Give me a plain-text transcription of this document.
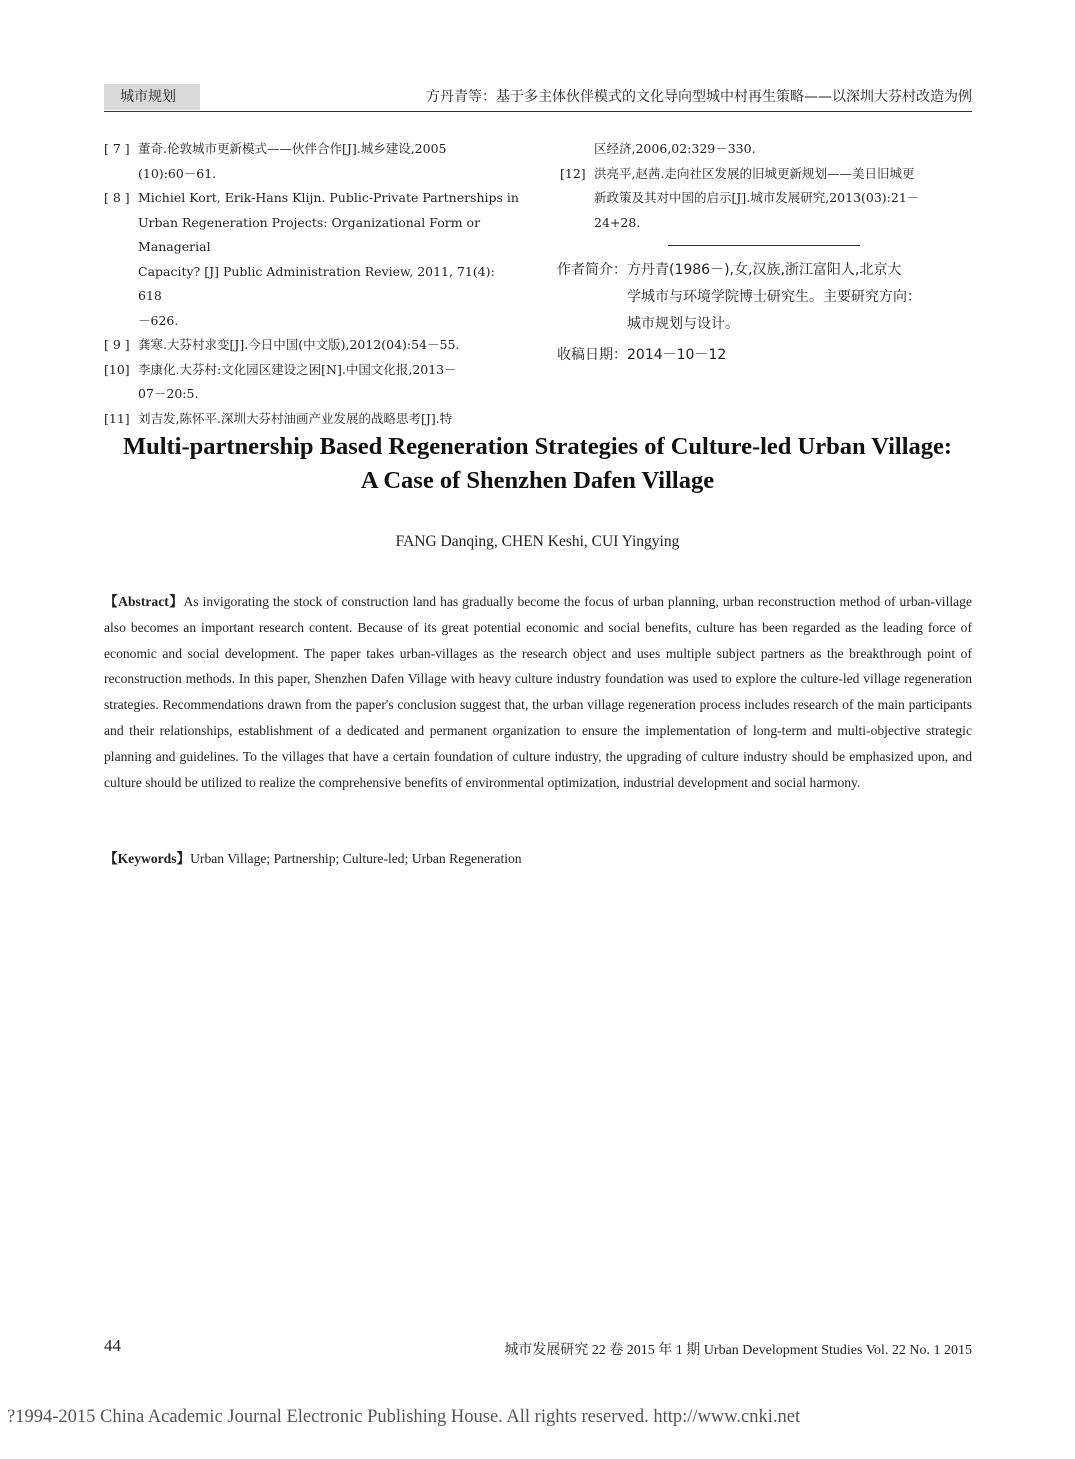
城市规划	方丹青等：基于多主体伙伴模式的文化导向型城中村再生策略——以深圳大芬村改造为例
[ 7 ] 董奇.伦敦城市更新模式——伙伴合作[J].城乡建设,2005
(10):60－61.
[ 8 ] Michiel Kort, Erik-Hans Klijn. Public-Private Partnerships in
Urban Regeneration Projects: Organizational Form or Managerial
Capacity? [J] Public Administration Review, 2011, 71(4): 618
－626.
[ 9 ] 龚寒.大芬村求变[J].今日中国(中文版),2012(04):54－55.
[10] 李康化.大芬村:文化园区建设之困[N].中国文化报,2013－
07－20:5.
[11] 刘吉发,陈怀平.深圳大芬村油画产业发展的战略思考[J].特
区经济,2006,02:329－330.
[12] 洪亮平,赵茜.走向社区发展的旧城更新规划——美日旧城更
新政策及其对中国的启示[J].城市发展研究,2013(03):21－
24+28.
作者简介： 方丹青(1986－),女,汉族,浙江富阳人,北京大
学城市与环境学院博士研究生。主要研究方向：
城市规划与设计。
收稿日期： 2014－10－12
Multi-partnership Based Regeneration Strategies of Culture-led Urban Village:
A Case of Shenzhen Dafen Village
FANG Danqing, CHEN Keshi, CUI Yingying
【Abstract】As invigorating the stock of construction land has gradually become the focus of urban planning, urban reconstruction method of urban-village also becomes an important research content. Because of its great potential economic and social benefits, culture has been regarded as the leading force of economic and social development. The paper takes urban-villages as the research object and uses multiple subject partners as the breakthrough point of reconstruction methods. In this paper, Shenzhen Dafen Village with heavy culture industry foundation was used to explore the culture-led village regeneration strategies. Recommendations drawn from the paper's conclusion suggest that, the urban village regeneration process includes research of the main participants and their relationships, establishment of a dedicated and permanent organization to ensure the implementation of long-term and multi-objective strategic planning and guidelines. To the villages that have a certain foundation of culture industry, the upgrading of culture industry should be emphasized upon, and culture should be utilized to realize the comprehensive benefits of environmental optimization, industrial development and social harmony.
【Keywords】Urban Village; Partnership; Culture-led; Urban Regeneration
44	城市发展研究 22 卷 2015 年 1 期 Urban Development Studies Vol. 22 No. 1 2015
?1994-2015 China Academic Journal Electronic Publishing House. All rights reserved. http://www.cnki.net
